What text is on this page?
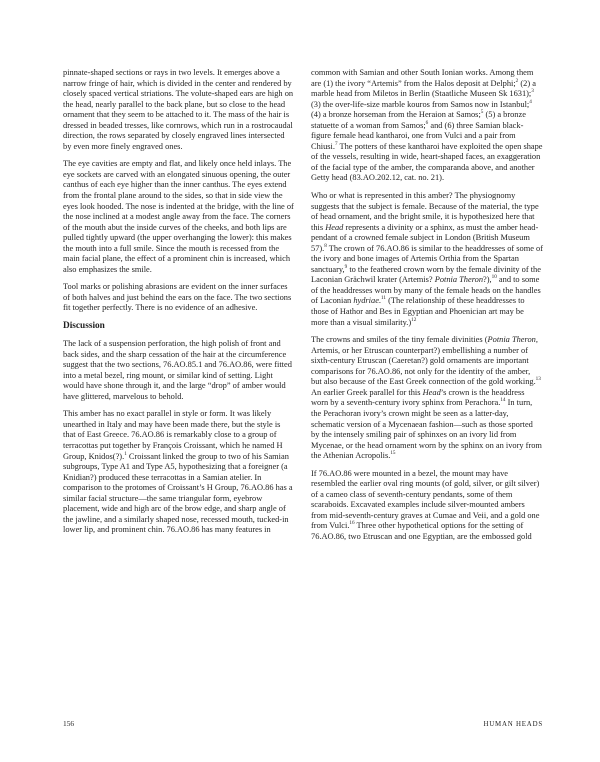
pinnate-shaped sections or rays in two levels. It emerges above a narrow fringe of hair, which is divided in the center and rendered by closely spaced vertical striations. The volute-shaped ears are high on the head, nearly parallel to the back plane, but so close to the head ornament that they seem to be attached to it. The mass of the hair is dressed in beaded tresses, like cornrows, which run in a rostrocaudal direction, the rows separated by closely engraved lines intersected by even more finely engraved ones.

The eye cavities are empty and flat, and likely once held inlays. The eye sockets are carved with an elongated sinuous opening, the outer canthus of each eye higher than the inner canthus. The eyes extend from the frontal plane around to the sides, so that in side view the eyes look hooded. The nose is indented at the bridge, with the line of the nose inclined at a modest angle away from the face. The corners of the mouth abut the inside curves of the cheeks, and both lips are pulled tightly upward (the upper overhanging the lower): this makes the mouth into a full smile. Since the mouth is recessed from the main facial plane, the effect of a prominent chin is increased, which also emphasizes the smile.

Tool marks or polishing abrasions are evident on the inner surfaces of both halves and just behind the ears on the face. The two sections fit together perfectly. There is no evidence of an adhesive.

Discussion

The lack of a suspension perforation, the high polish of front and back sides, and the sharp cessation of the hair at the circumference suggest that the two sections, 76.AO.85.1 and 76.AO.86, were fitted into a metal bezel, ring mount, or similar kind of setting. Light would have shone through it, and the large “drop” of amber would have glittered, marvelous to behold.

This amber has no exact parallel in style or form. It was likely unearthed in Italy and may have been made there, but the style is that of East Greece. 76.AO.86 is remarkably close to a group of terracottas put together by François Croissant, which he named H Group, Knidos(?).$^1$ Croissant linked the group to two of his Samian subgroups, Type A1 and Type A5, hypothesizing that a foreigner (a Knidian?) produced these terracottas in a Samian atelier. In comparison to the protomes of Croissant’s H Group, 76.AO.86 has a similar facial structure—the same triangular form, eyebrow placement, wide and high arc of the brow edge, and sharp angle of the jawline, and a similarly shaped nose, recessed mouth, tucked-in lower lip, and prominent chin. 76.AO.86 has many features in

common with Samian and other South Ionian works. Among them are (1) the ivory “Artemis” from the Halos deposit at Delphi;$^2$ (2) a marble head from Miletos in Berlin (Staatliche Museen Sk 1631);$^3$ (3) the over-life-size marble kouros from Samos now in Istanbul;$^4$ (4) a bronze horseman from the Heraion at Samos;$^5$ (5) a bronze statuette of a woman from Samos;$^6$ and (6) three Samian black-figure female head kantharoi, one from Vulci and a pair from Chiusi.$^7$ The potters of these kantharoi have exploited the open shape of the vessels, resulting in wide, heart-shaped faces, an exaggeration of the facial type of the amber, the comparanda above, and another Getty head (83.AO.202.12, cat. no. 21).

Who or what is represented in this amber? The physiognomy suggests that the subject is female. Because of the material, the type of head ornament, and the bright smile, it is hypothesized here that this Head represents a divinity or a sphinx, as must the amber head-pendant of a crowned female subject in London (British Museum 57).$^8$ The crown of 76.AO.86 is similar to the headdresses of some of the ivory and bone images of Artemis Orthia from the Spartan sanctuary,$^9$ to the feathered crown worn by the female divinity of the Laconian Grächwil krater (Artemis? Potnia Theron?),$^{10}$ and to some of the headdresses worn by many of the female heads on the handles of Laconian hydriae.$^{11}$ (The relationship of these headdresses to those of Hathor and Bes in Egyptian and Phoenician art may be more than a visual similarity.)$^{12}$

The crowns and smiles of the tiny female divinities (Potnia Theron, Artemis, or her Etruscan counterpart?) embellishing a number of sixth-century Etruscan (Caeretan?) gold ornaments are important comparisons for 76.AO.86, not only for the identity of the amber, but also because of the East Greek connection of the gold working.$^{13}$ An earlier Greek parallel for this Head’s crown is the headdress worn by a seventh-century ivory sphinx from Perachora.$^{14}$ In turn, the Perachoran ivory’s crown might be seen as a latter-day, schematic version of a Mycenaean fashion—such as those sported by the intensely smiling pair of sphinxes on an ivory lid from Mycenae, or the head ornament worn by the sphinx on an ivory from the Athenian Acropolis.$^{15}$

If 76.AO.86 were mounted in a bezel, the mount may have resembled the earlier oval ring mounts (of gold, silver, or gilt silver) of a cameo class of seventh-century pendants, some of them scaraboids. Excavated examples include silver-mounted ambers from mid-seventh-century graves at Cumae and Veii, and a gold one from Vulci.$^{16}$ Three other hypothetical options for the setting of 76.AO.86, two Etruscan and one Egyptian, are the embossed gold

156	HUMAN HEADS
